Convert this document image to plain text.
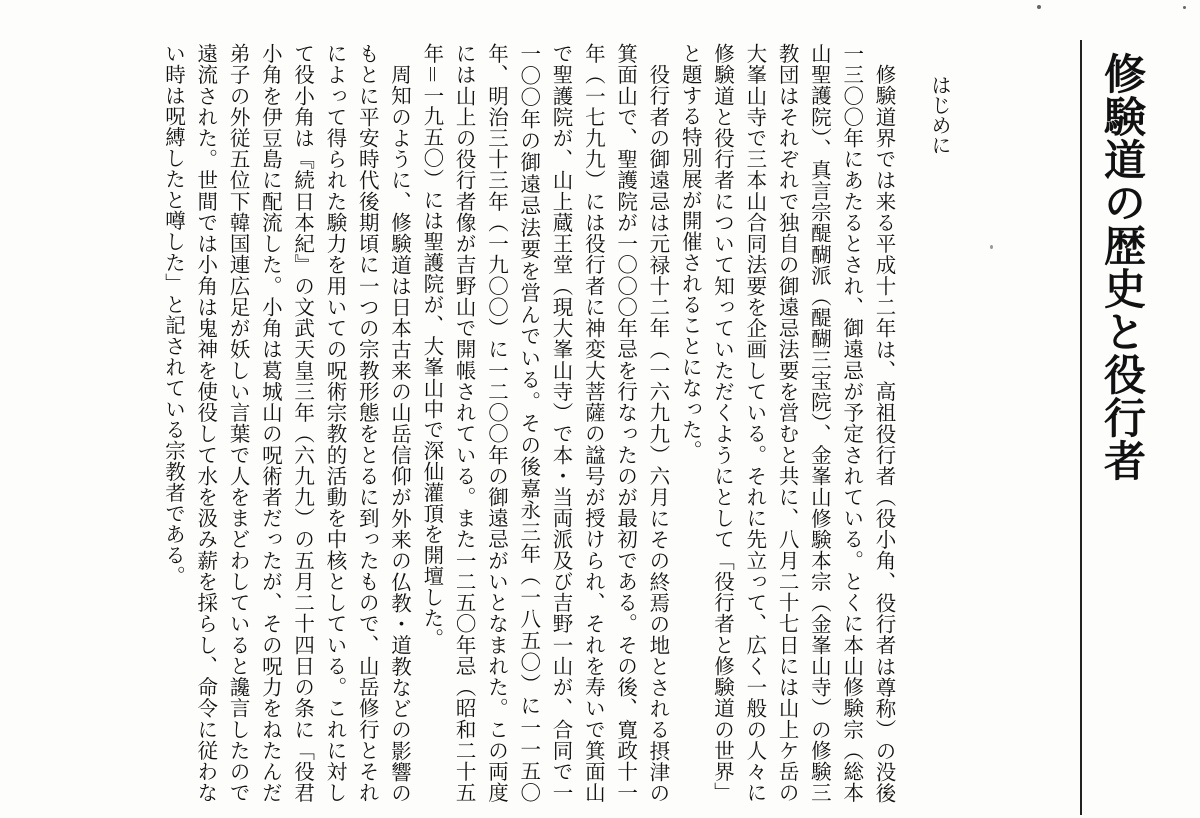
修験道の歴史と役行者
はじめに

修験道界では来る平成十二年は、高祖役行者（役小角、役行者は尊称）の没後一三〇〇年にあたるとされ、御遠忌が予定されている。とくに本山修験宗（総本山聖護院）、真言宗醍醐派（醍醐三宝院）、金峯山修験本宗（金峯山寺）の修験三教団はそれぞれで独自の御遠忌法要を営むと共に、八月二十七日には山上ケ岳の大峯山寺で三本山合同法要を企画している。それに先立って、広く一般の人々に修験道と役行者について知っていただくようにとして「役行者と修験道の世界」と題する特別展が開催されることになった。

役行者の御遠忌は元禄十二年（一六九九）六月にその終焉の地とされる摂津の箕面山で、聖護院が一〇〇〇年忌を行なったのが最初である。その後、寛政十一年（一七九九）には役行者に神変大菩薩の諡号が授けられ、それを寿いで箕面山で聖護院が、山上蔵王堂（現大峯山寺）で本・当両派及び吉野一山が、合同で一一〇〇年の御遠忌法要を営んでいる。その後嘉永三年（一八五〇）に一一五〇年、明治三十三年（一九〇〇）に一二〇〇年の御遠忌がいとなまれた。この両度には山上の役行者像が吉野山で開帳されている。また一二五〇年忌（昭和二十五年＝一九五〇）には聖護院が、大峯山中で深仙灌頂を開壇した。

周知のように、修験道は日本古来の山岳信仰が外来の仏教・道教などの影響のもとに平安時代後期頃に一つの宗教形態をとるに到ったもので、山岳修行とそれによって得られた験力を用いての呪術宗教的活動を中核としている。これに対して役小角は『続日本紀』の文武天皇三年（六九九）の五月二十四日の条に「役君小角を伊豆島に配流した。小角は葛城山の呪術者だったが、その呪力をねたんだ弟子の外従五位下韓国連広足が妖しい言葉で人をまどわしていると讒言したので遠流された。世間では小角は鬼神を使役して水を汲み薪を採らし、命令に従わない時は呪縛したと噂した」と記されている宗教者である。
